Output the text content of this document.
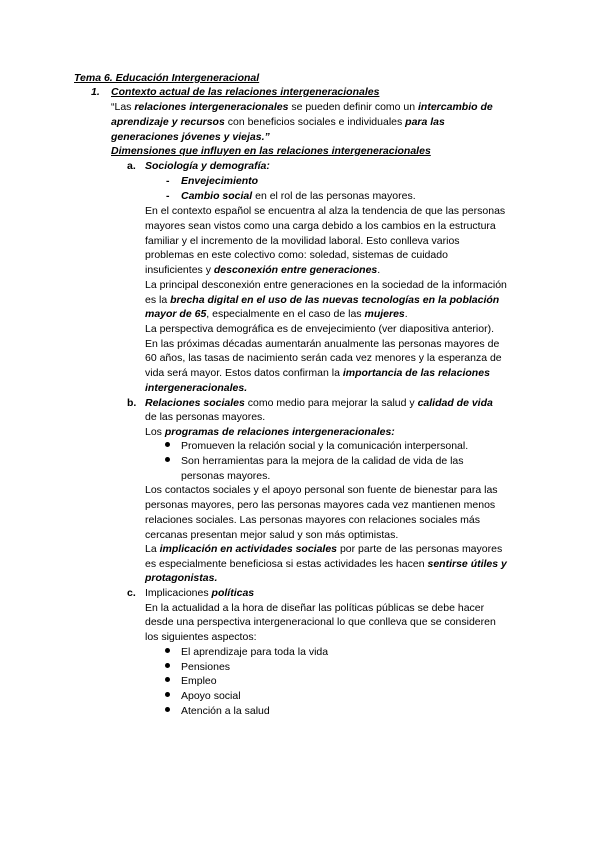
Tema 6. Educación Intergeneracional
1. Contexto actual de las relaciones intergeneracionales
“Las relaciones intergeneracionales se pueden definir como un intercambio de
aprendizaje y recursos con beneficios sociales e individuales para las
generaciones jóvenes y viejas.”
Dimensiones que influyen en las relaciones intergeneracionales
a. Sociología y demografía:
- Envejecimiento
- Cambio social en el rol de las personas mayores.
En el contexto español se encuentra al alza la tendencia de que las personas
mayores sean vistos como una carga debido a los cambios en la estructura
familiar y el incremento de la movilidad laboral. Esto conlleva varios
problemas en este colectivo como: soledad, sistemas de cuidado
insuficientes y desconexión entre generaciones.
La principal desconexión entre generaciones en la sociedad de la información
es la brecha digital en el uso de las nuevas tecnologías en la población
mayor de 65, especialmente en el caso de las mujeres.
La perspectiva demográfica es de envejecimiento (ver diapositiva anterior).
En las próximas décadas aumentarán anualmente las personas mayores de
60 años, las tasas de nacimiento serán cada vez menores y la esperanza de
vida será mayor. Estos datos confirman la importancia de las relaciones
intergeneracionales.
b. Relaciones sociales como medio para mejorar la salud y calidad de vida
de las personas mayores.
Los programas de relaciones intergeneracionales:
Promueven la relación social y la comunicación interpersonal.
Son herramientas para la mejora de la calidad de vida de las
personas mayores.
Los contactos sociales y el apoyo personal son fuente de bienestar para las
personas mayores, pero las personas mayores cada vez mantienen menos
relaciones sociales. Las personas mayores con relaciones sociales más
cercanas presentan mejor salud y son más optimistas.
La implicación en actividades sociales por parte de las personas mayores
es especialmente beneficiosa si estas actividades les hacen sentirse útiles y
protagonistas.
c. Implicaciones políticas
En la actualidad a la hora de diseñar las políticas públicas se debe hacer
desde una perspectiva intergeneracional lo que conlleva que se consideren
los siguientes aspectos:
El aprendizaje para toda la vida
Pensiones
Empleo
Apoyo social
Atención a la salud
